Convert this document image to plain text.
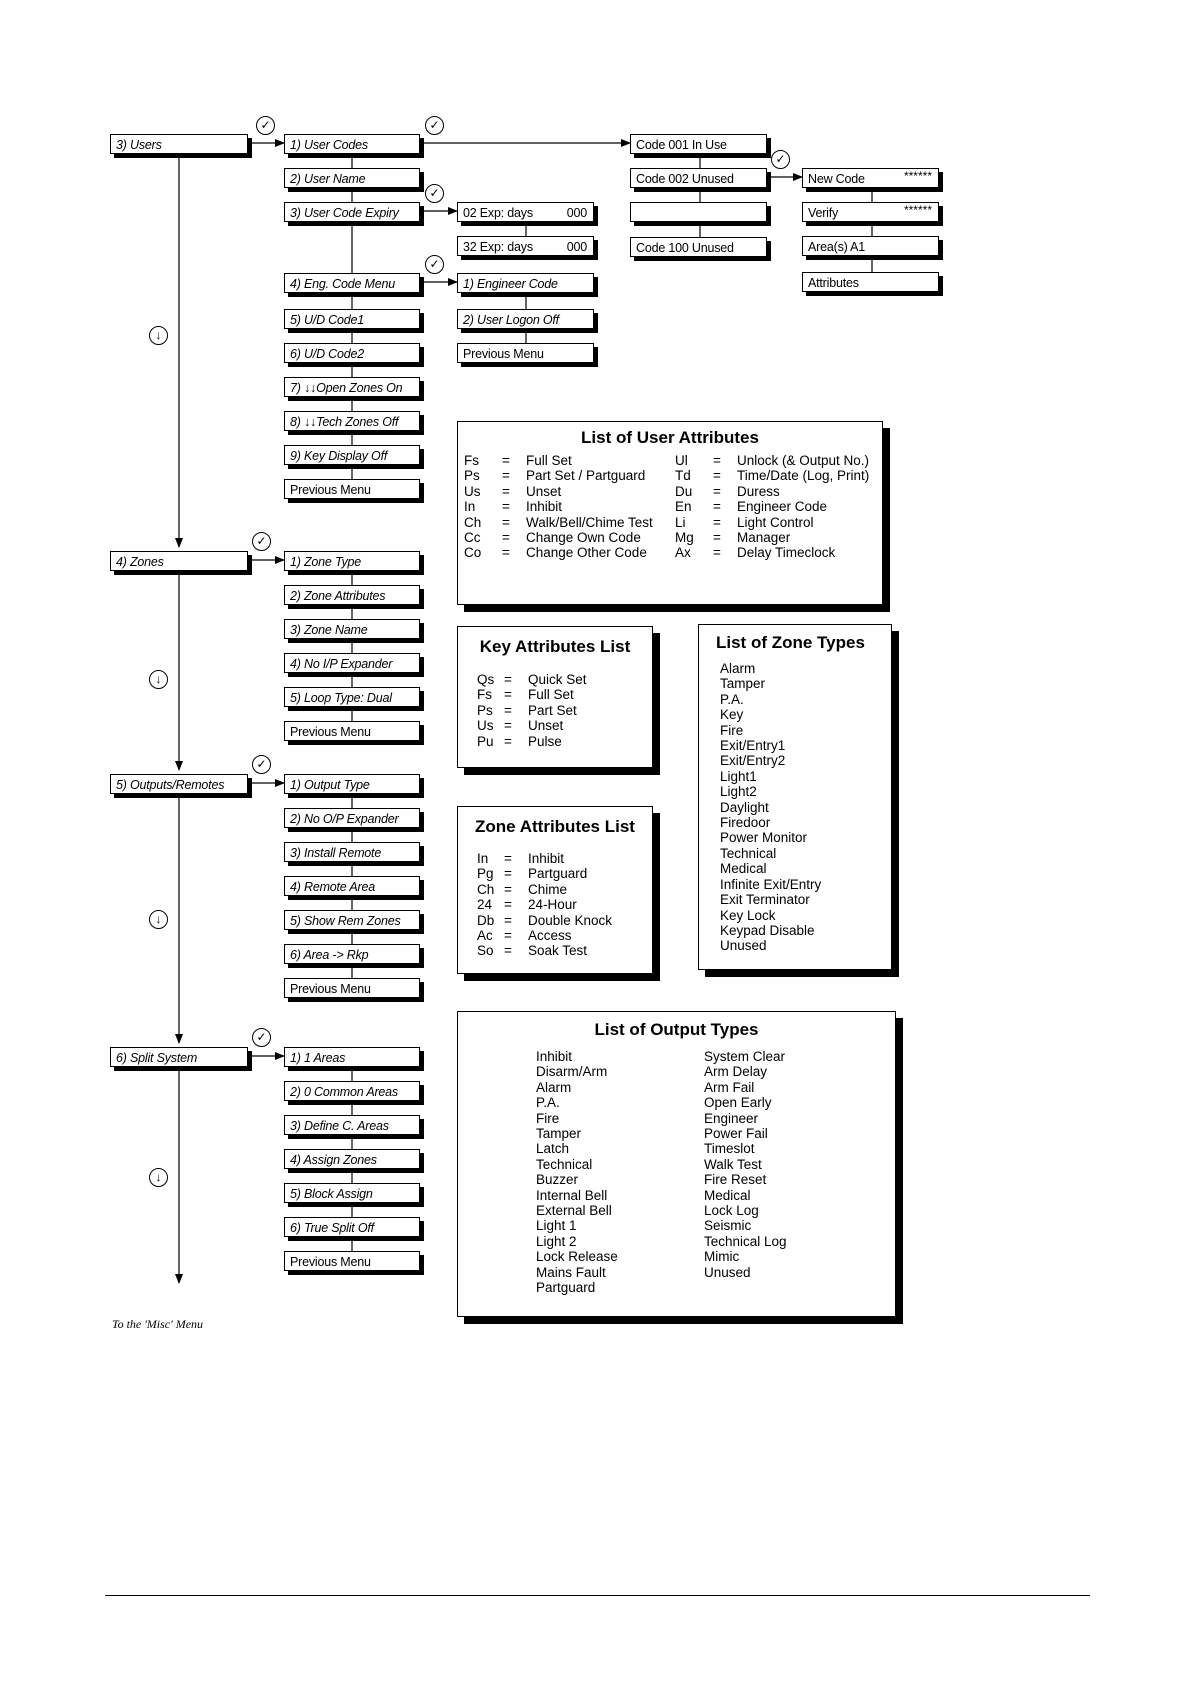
✓	✓
✓
✓
✓
✓
✓
✓
↓
↓
↓
↓
3) Users
4) Zones
5) Outputs/Remotes
6) Split System
1) User Codes
2) User Name
3) User Code Expiry
4) Eng. Code Menu
5) U/D Code1
6) U/D Code2
7) ↓↓Open Zones On
8) ↓↓Tech Zones Off
9) Key Display Off
Previous Menu
1) Zone Type
2) Zone Attributes
3) Zone Name
4) No I/P Expander
5) Loop Type: Dual
Previous Menu
1) Output Type
2) No O/P Expander
3) Install Remote
4) Remote Area
5) Show Rem Zones
6) Area -> Rkp
Previous Menu
1) 1 Areas
2) 0 Common Areas
3) Define C. Areas
4) Assign Zones
5) Block Assign
6) True Split Off
Previous Menu
02 Exp: days	000
32 Exp: days	000
1) Engineer Code
2) User Logon Off
Previous Menu
Code 001 In Use
Code 002 Unused
Code 100 Unused
New Code	******
Verify	******
Area(s) A1
Attributes
List of User Attributes
Fs	=	Full Set
Ps	=	Part Set / Partguard
Us	=	Unset
In	=	Inhibit
Ch	=	Walk/Bell/Chime Test
Cc	=	Change Own Code
Co	=	Change Other Code
Ul	=	Unlock (& Output No.)
Td	=	Time/Date (Log, Print)
Du	=	Duress
En	=	Engineer Code
Li	=	Light Control
Mg	=	Manager
Ax	=	Delay Timeclock
Key Attributes List
Qs	=	Quick Set
Fs	=	Full Set
Ps	=	Part Set
Us	=	Unset
Pu	=	Pulse
Zone Attributes List
In	=	Inhibit
Pg	=	Partguard
Ch	=	Chime
24	=	24-Hour
Db	=	Double Knock
Ac	=	Access
So	=	Soak Test
List of Zone Types
Alarm
Tamper
P.A.
Key
Fire
Exit/Entry1
Exit/Entry2
Light1
Light2
Daylight
Firedoor
Power Monitor
Technical
Medical
Infinite Exit/Entry
Exit Terminator
Key Lock
Keypad Disable
Unused
List of Output Types
Inhibit
Disarm/Arm
Alarm
P.A.
Fire
Tamper
Latch
Technical
Buzzer
Internal Bell
External Bell
Light 1
Light 2
Lock Release
Mains Fault
Partguard
System Clear
Arm Delay
Arm Fail
Open Early
Engineer
Power Fail
Timeslot
Walk Test
Fire Reset
Medical
Lock Log
Seismic
Technical Log
Mimic
Unused
To the 'Misc' Menu
